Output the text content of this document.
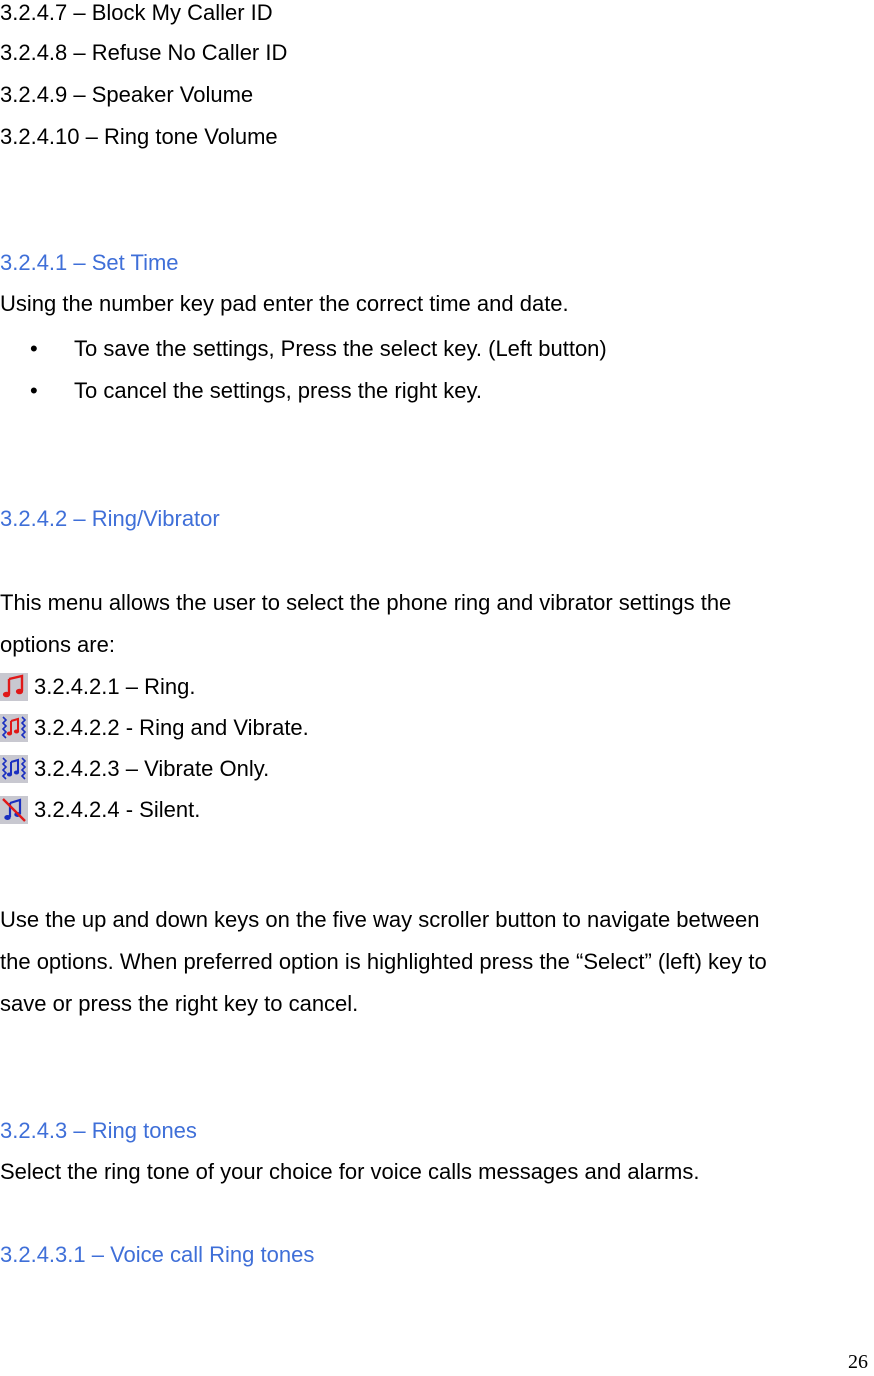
3.2.4.7 – Block My Caller ID
3.2.4.8 – Refuse No Caller ID
3.2.4.9 – Speaker Volume
3.2.4.10 – Ring tone Volume
3.2.4.1 – Set Time
Using the number key pad enter the correct time and date.
• To save the settings, Press the select key. (Left button)
• To cancel the settings, press the right key.
3.2.4.2 – Ring/Vibrator
This menu allows the user to select the phone ring and vibrator settings the
options are:
3.2.4.2.1 – Ring.
3.2.4.2.2 - Ring and Vibrate.
3.2.4.2.3 – Vibrate Only.
3.2.4.2.4 - Silent.
Use the up and down keys on the five way scroller button to navigate between
the options. When preferred option is highlighted press the “Select” (left) key to
save or press the right key to cancel.
3.2.4.3 – Ring tones
Select the ring tone of your choice for voice calls messages and alarms.
3.2.4.3.1 – Voice call Ring tones
26
